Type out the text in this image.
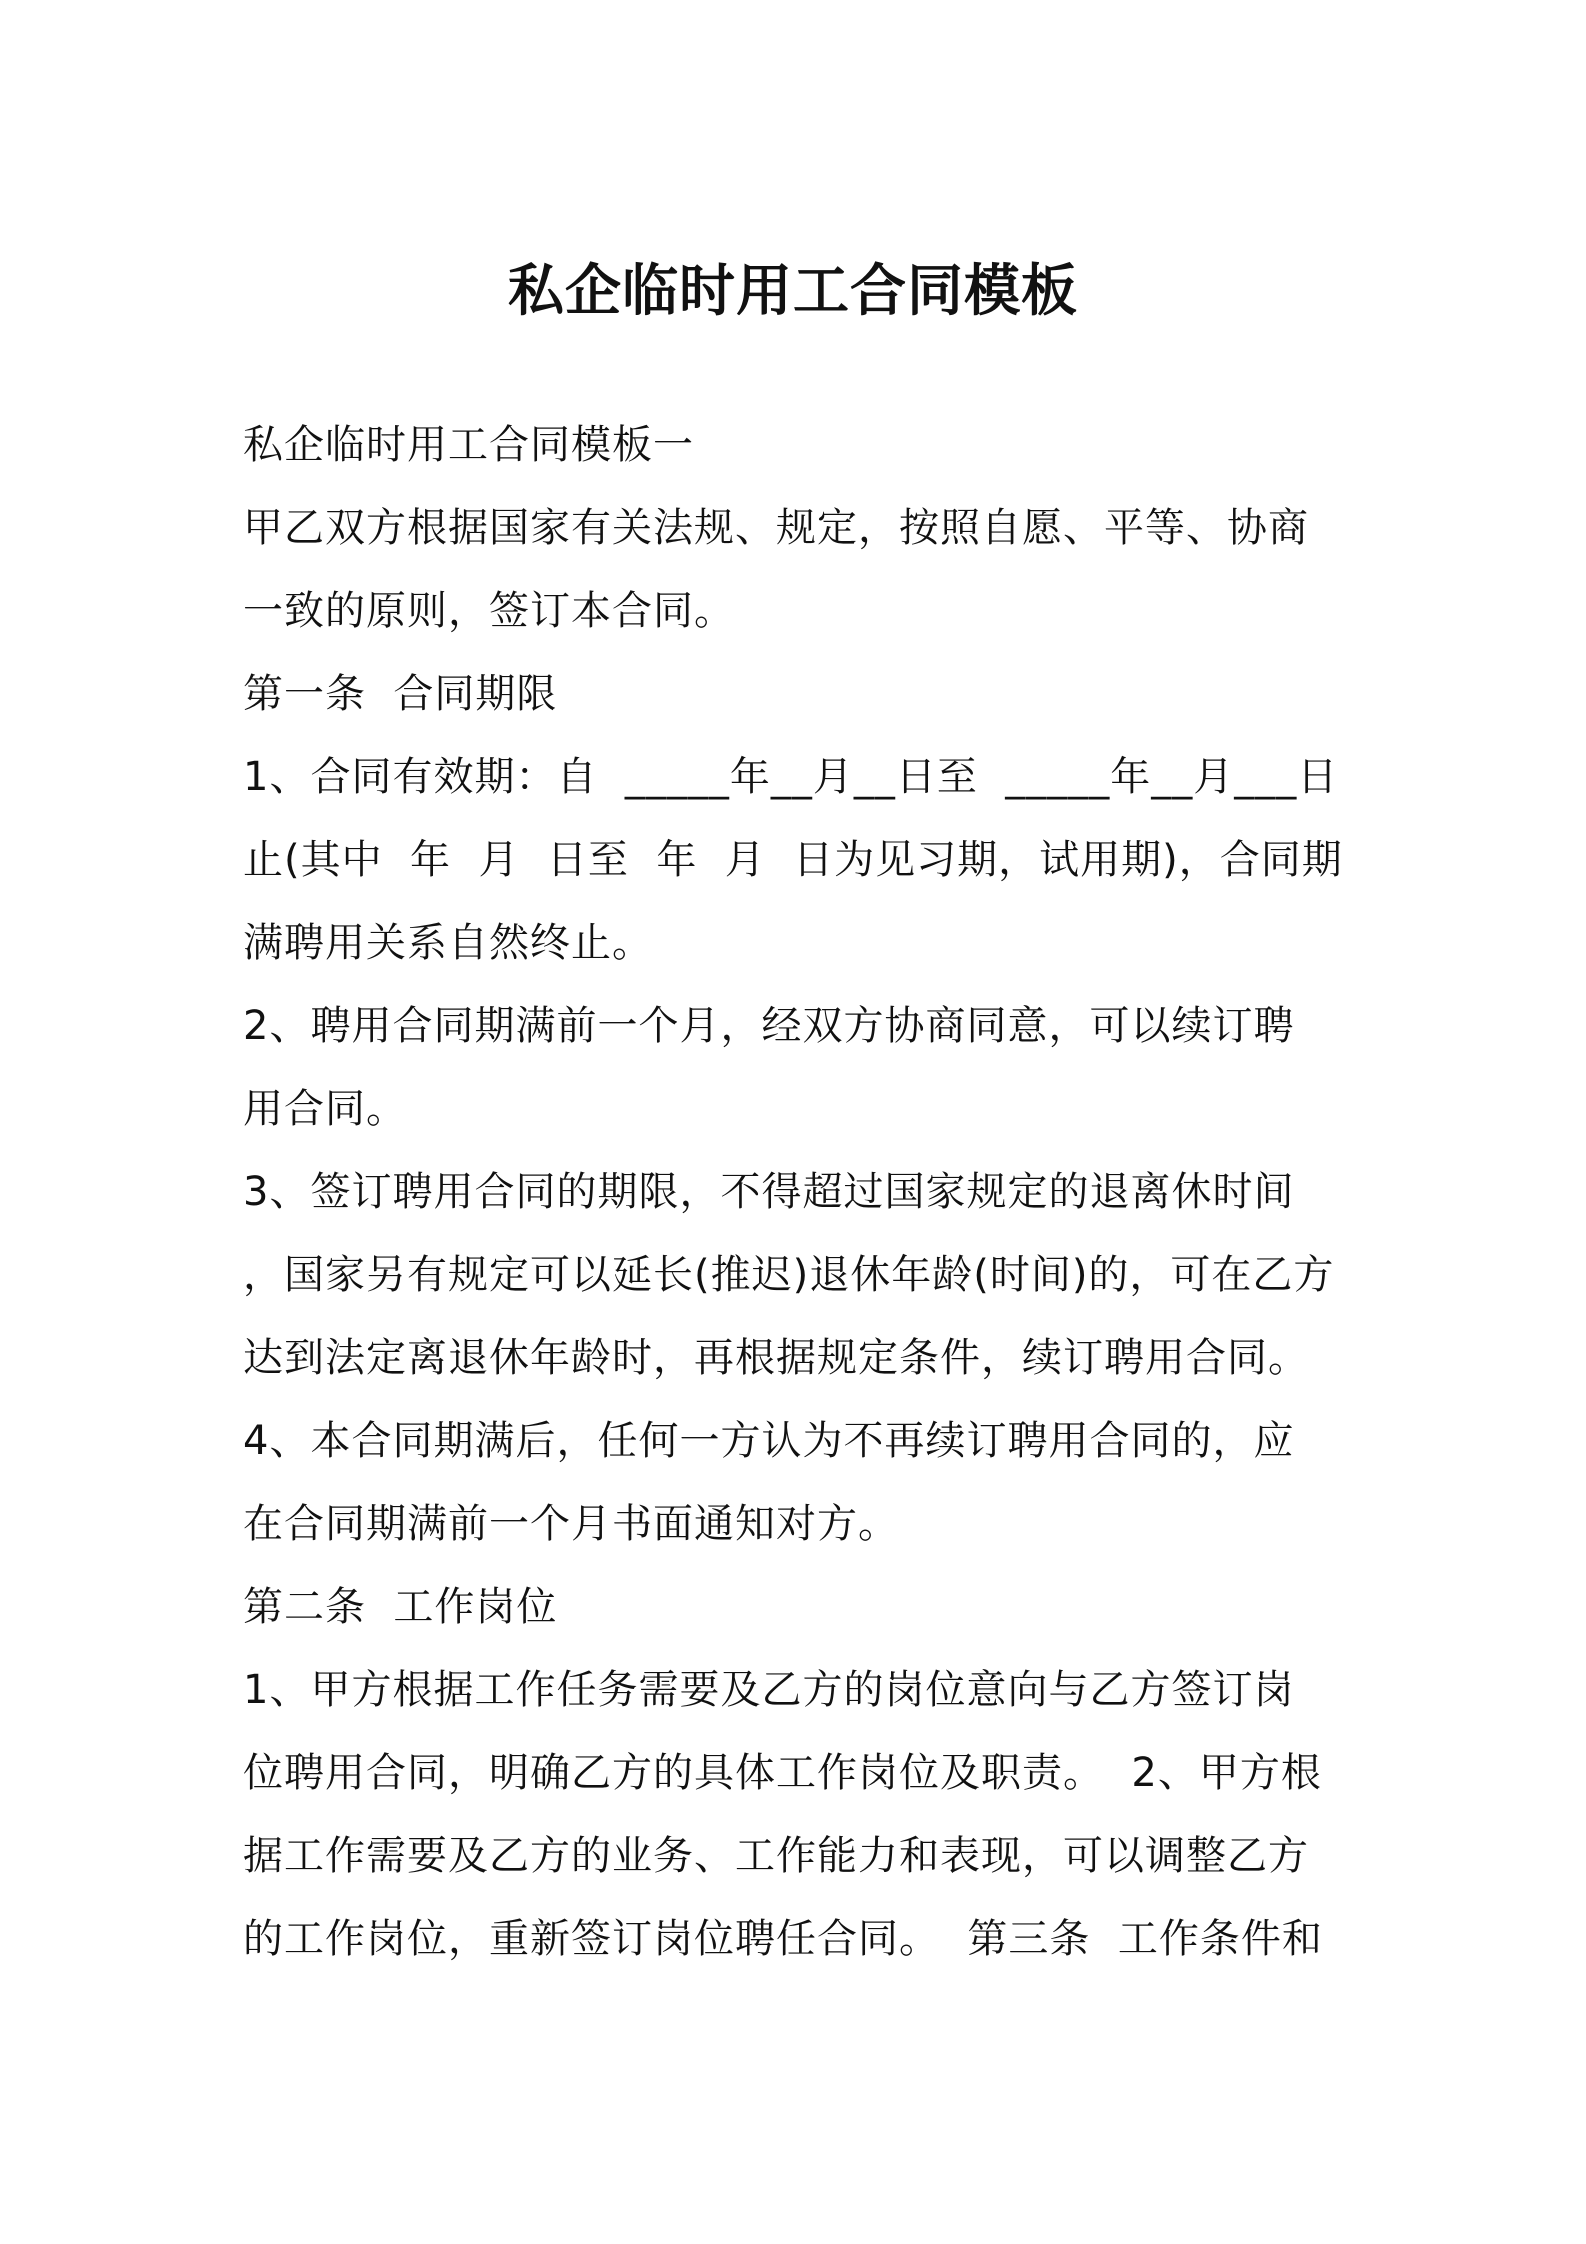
私企临时用工合同模板
私企临时用工合同模板一
甲乙双方根据国家有关法规、规定，按照自愿、平等、协商
一致的原则，签订本合同。
第一条  合同期限
1、合同有效期：自  _____年__月__日至  _____年__月___日
止(其中  年  月  日至  年  月  日为见习期，试用期)，合同期
满聘用关系自然终止。
2、聘用合同期满前一个月，经双方协商同意，可以续订聘
用合同。
3、签订聘用合同的期限，不得超过国家规定的退离休时间
，国家另有规定可以延长(推迟)退休年龄(时间)的，可在乙方
达到法定离退休年龄时，再根据规定条件，续订聘用合同。
4、本合同期满后，任何一方认为不再续订聘用合同的，应
在合同期满前一个月书面通知对方。
第二条  工作岗位
1、甲方根据工作任务需要及乙方的岗位意向与乙方签订岗
位聘用合同，明确乙方的具体工作岗位及职责。  2、甲方根
据工作需要及乙方的业务、工作能力和表现，可以调整乙方
的工作岗位，重新签订岗位聘任合同。  第三条  工作条件和
